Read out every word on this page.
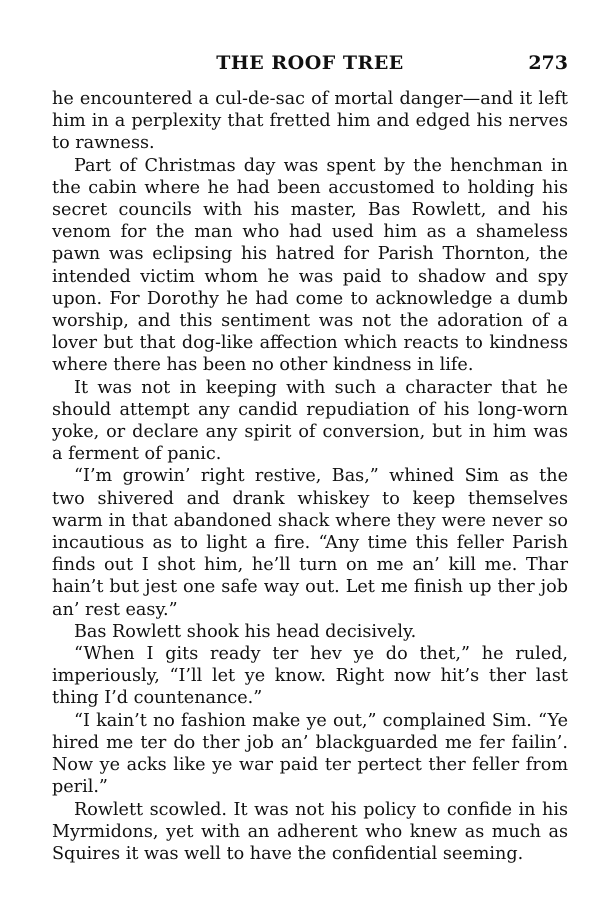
THE ROOF TREE	273

he encountered a cul-de-sac of mortal danger—and it left him in a perplexity that fretted him and edged his nerves to rawness.

Part of Christmas day was spent by the henchman in the cabin where he had been accustomed to holding his secret councils with his master, Bas Rowlett, and his venom for the man who had used him as a shameless pawn was eclipsing his hatred for Parish Thornton, the intended victim whom he was paid to shadow and spy upon. For Dorothy he had come to acknowledge a dumb worship, and this sentiment was not the adoration of a lover but that dog-like affection which reacts to kindness where there has been no other kindness in life.

It was not in keeping with such a character that he should attempt any candid repudiation of his long-worn yoke, or declare any spirit of conversion, but in him was a ferment of panic.

“I’m growin’ right restive, Bas,” whined Sim as the two shivered and drank whiskey to keep themselves warm in that abandoned shack where they were never so incautious as to light a fire. “Any time this feller Parish finds out I shot him, he’ll turn on me an’ kill me. Thar hain’t but jest one safe way out. Let me finish up ther job an’ rest easy.”

Bas Rowlett shook his head decisively.

“When I gits ready ter hev ye do thet,” he ruled, imperiously, “I’ll let ye know. Right now hit’s ther last thing I’d countenance.”

“I kain’t no fashion make ye out,” complained Sim. “Ye hired me ter do ther job an’ blackguarded me fer failin’. Now ye acks like ye war paid ter pertect ther feller from peril.”

Rowlett scowled. It was not his policy to confide in his Myrmidons, yet with an adherent who knew as much as Squires it was well to have the confidential seeming.
